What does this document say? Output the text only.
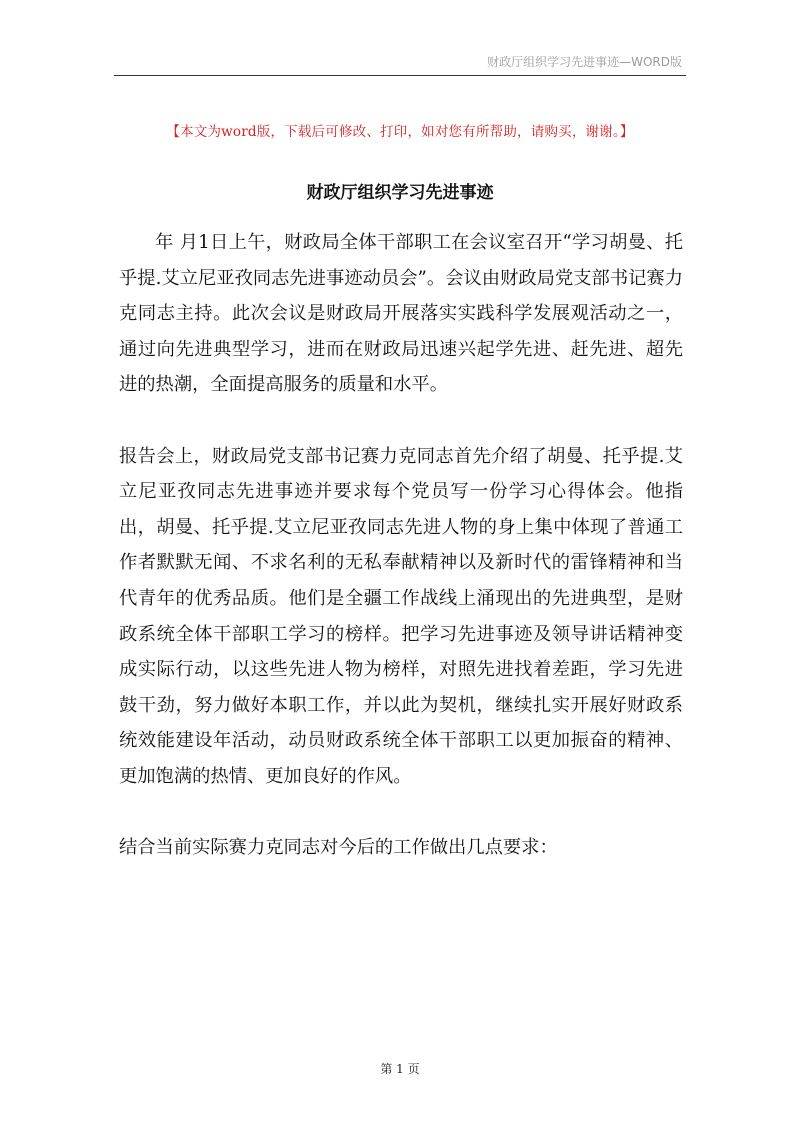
财政厅组织学习先进事迹—WORD版
【本文为word版，下载后可修改、打印，如对您有所帮助，请购买，谢谢。】
财政厅组织学习先进事迹

年 月1日上午，财政局全体干部职工在会议室召开“学习胡曼、托乎提.艾立尼亚孜同志先进事迹动员会”。会议由财政局党支部书记赛力克同志主持。此次会议是财政局开展落实实践科学发展观活动之一，通过向先进典型学习，进而在财政局迅速兴起学先进、赶先进、超先进的热潮，全面提高服务的质量和水平。

报告会上，财政局党支部书记赛力克同志首先介绍了胡曼、托乎提.艾立尼亚孜同志先进事迹并要求每个党员写一份学习心得体会。他指出，胡曼、托乎提.艾立尼亚孜同志先进人物的身上集中体现了普通工作者默默无闻、不求名利的无私奉献精神以及新时代的雷锋精神和当代青年的优秀品质。他们是全疆工作战线上涌现出的先进典型，是财政系统全体干部职工学习的榜样。把学习先进事迹及领导讲话精神变成实际行动，以这些先进人物为榜样，对照先进找着差距，学习先进鼓干劲，努力做好本职工作，并以此为契机，继续扎实开展好财政系统效能建设年活动，动员财政系统全体干部职工以更加振奋的精神、更加饱满的热情、更加良好的作风。

结合当前实际赛力克同志对今后的工作做出几点要求：

第 1 页
